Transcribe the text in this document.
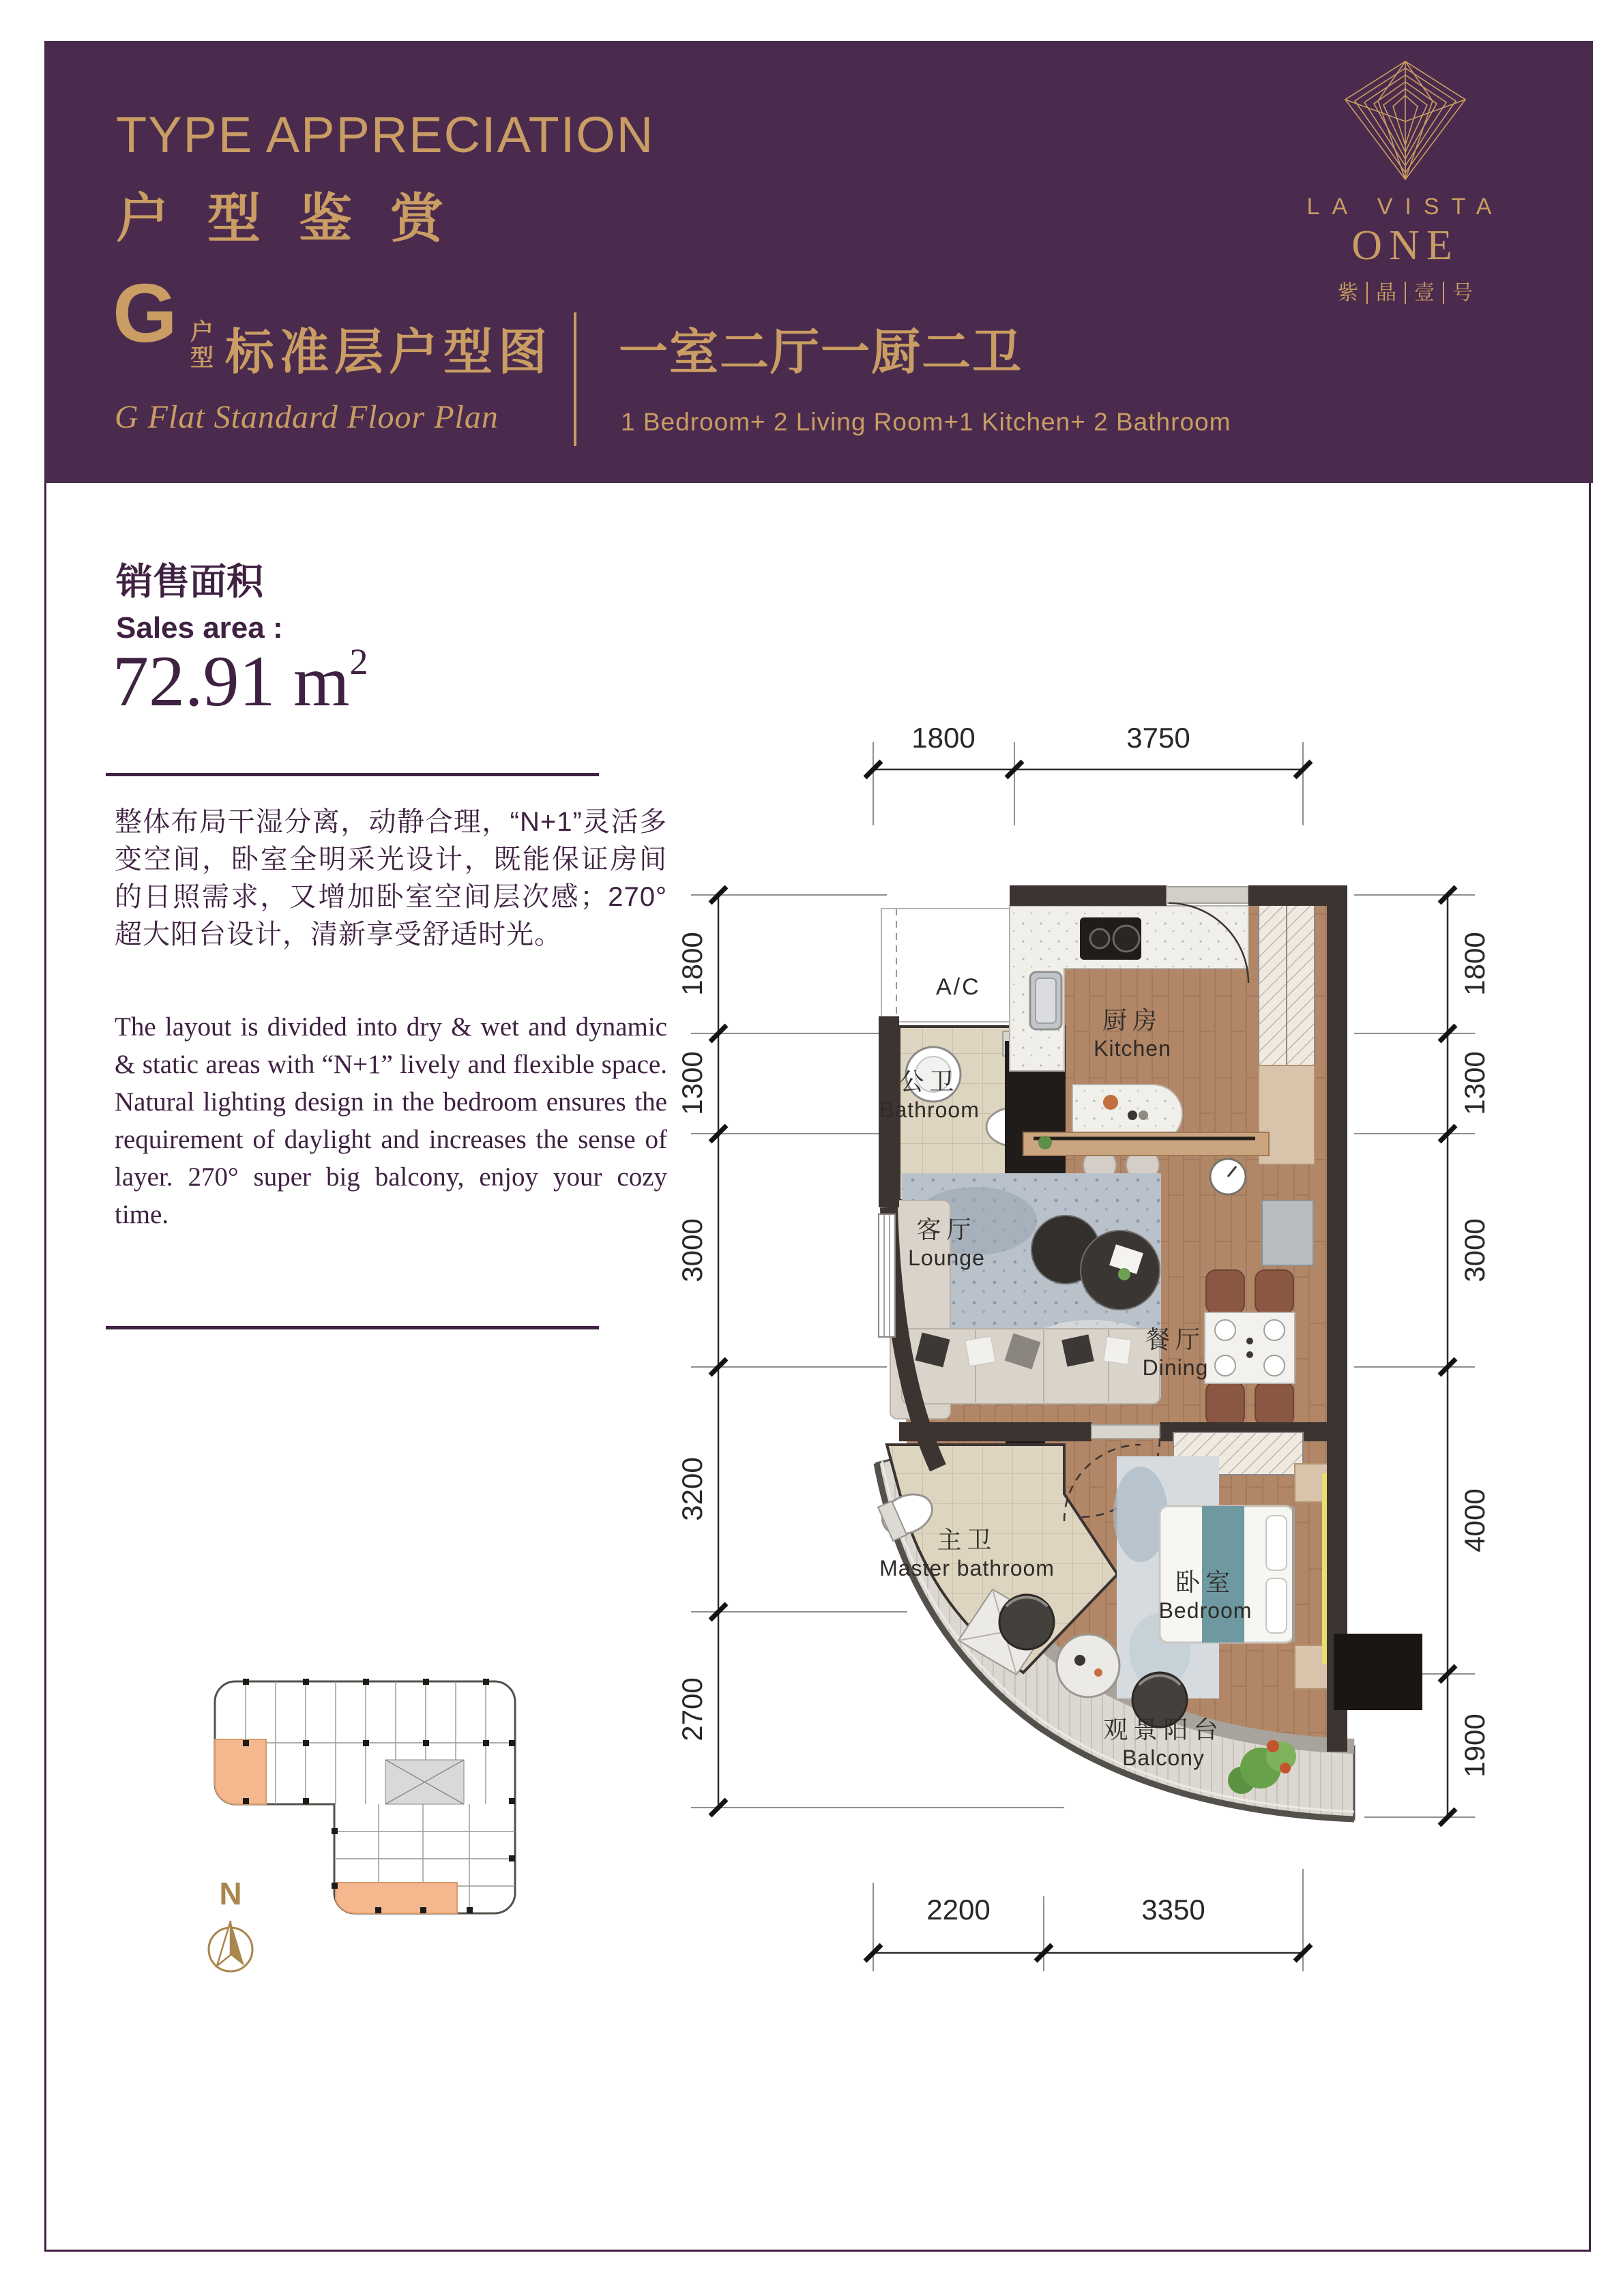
TYPE APPRECIATION
户型鉴赏	LA VISTA
ONE
紫 晶 壹 号
G 户
型 标准层户型图 一室二厅一厨二卫
G Flat Standard Floor Plan	1 Bedroom+ 2 Living Room+1 Kitchen+ 2 Bathroom
销售面积
Sales area :
72.91 $m^2$
整体布局干湿分离，动静合理，“N+1”灵活多变空间，卧室全明采光设计，既能保证房间的日照需求，又增加卧室空间层次感；270°超大阳台设计，清新享受舒适时光。
The layout is divided into dry & wet and dynamic & static areas with “N+1” lively and flexible space. Natural lighting design in the bedroom ensures the requirement of daylight and increases the sense of layer. 270° super big balcony, enjoy your cozy time.
A/C
厨房
Kitchen
公卫
Bathroom
客厅
Lounge
餐厅
Dining
主卫
Master bathroom	卧室
Bedroom
观景阳台
Balcony
1800	3750
2200	3350
1800
1300
3000
3200
2700
1800
1300
3000
4000
1900
N
